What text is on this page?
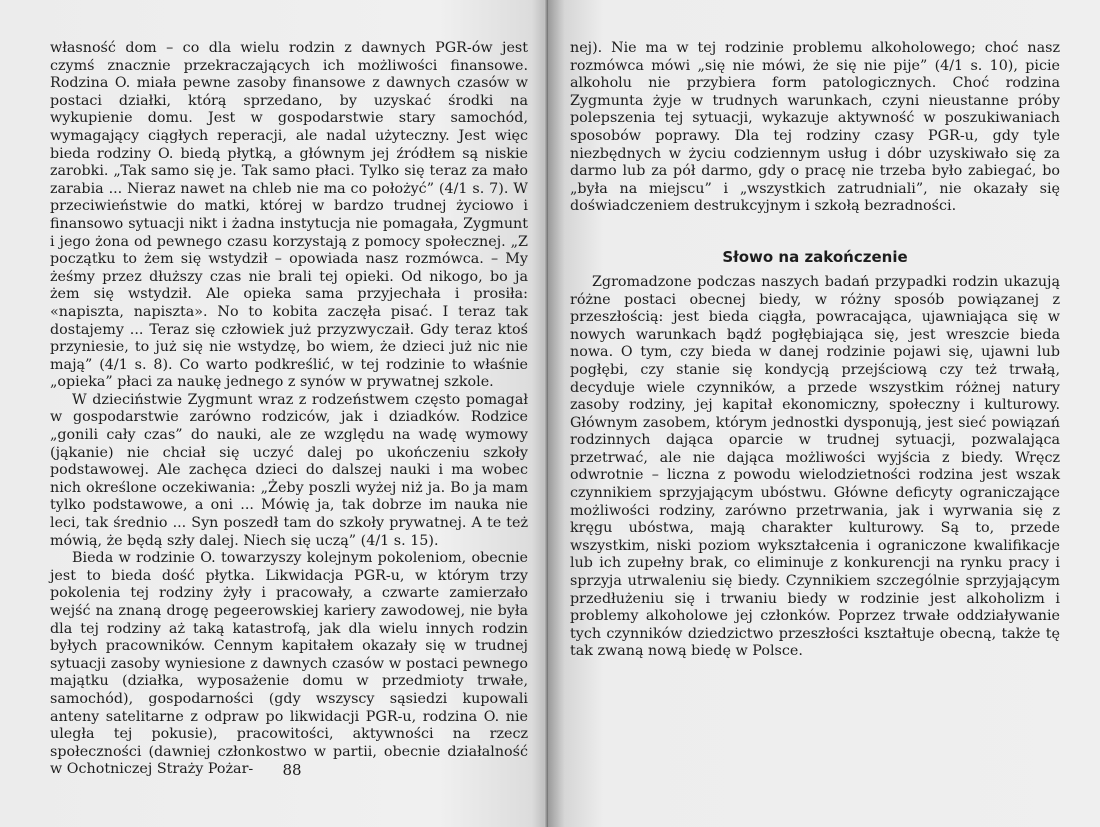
własność dom – co dla wielu rodzin z dawnych PGR-ów jest czymś znacznie przekraczających ich możliwości finansowe. Rodzina O. miała pewne zasoby finansowe z dawnych czasów w postaci działki, którą sprzedano, by uzyskać środki na wykupienie domu. Jest w gospodarstwie stary samochód, wymagający ciągłych reperacji, ale nadal użyteczny. Jest więc bieda rodziny O. biedą płytką, a głównym jej źródłem są niskie zarobki. „Tak samo się je. Tak samo płaci. Tylko się teraz za mało zarabia ... Nieraz nawet na chleb nie ma co położyć” (4/1 s. 7). W przeciwieństwie do matki, której w bardzo trudnej życiowo i finansowo sytuacji nikt i żadna instytucja nie pomagała, Zygmunt i jego żona od pewnego czasu korzystają z pomocy społecznej. „Z początku to żem się wstydził – opowiada nasz rozmówca. – My żeśmy przez dłuższy czas nie brali tej opieki. Od nikogo, bo ja żem się wstydził. Ale opieka sama przyjechała i prosiła: «napiszta, napiszta». No to kobita zaczęła pisać. I teraz tak dostajemy ... Teraz się człowiek już przyzwyczaił. Gdy teraz ktoś przyniesie, to już się nie wstydzę, bo wiem, że dzieci już nic nie mają” (4/1 s. 8). Co warto podkreślić, w tej rodzinie to właśnie „opieka” płaci za naukę jednego z synów w prywatnej szkole.

W dzieciństwie Zygmunt wraz z rodzeństwem często pomagał w gospodarstwie zarówno rodziców, jak i dziadków. Rodzice „gonili cały czas” do nauki, ale ze względu na wadę wymowy (jąkanie) nie chciał się uczyć dalej po ukończeniu szkoły podstawowej. Ale zachęca dzieci do dalszej nauki i ma wobec nich określone oczekiwania: „Żeby poszli wyżej niż ja. Bo ja mam tylko podstawowe, a oni ... Mówię ja, tak dobrze im nauka nie leci, tak średnio ... Syn poszedł tam do szkoły prywatnej. A te też mówią, że będą szły dalej. Niech się uczą” (4/1 s. 15).

Bieda w rodzinie O. towarzyszy kolejnym pokoleniom, obecnie jest to bieda dość płytka. Likwidacja PGR-u, w którym trzy pokolenia tej rodziny żyły i pracowały, a czwarte zamierzało wejść na znaną drogę pegeerowskiej kariery zawodowej, nie była dla tej rodziny aż taką katastrofą, jak dla wielu innych rodzin byłych pracowników. Cennym kapitałem okazały się w trudnej sytuacji zasoby wyniesione z dawnych czasów w postaci pewnego majątku (działka, wyposażenie domu w przedmioty trwałe, samochód), gospodarności (gdy wszyscy sąsiedzi kupowali anteny satelitarne z odpraw po likwidacji PGR-u, rodzina O. nie uległa tej pokusie), pracowitości, aktywności na rzecz społeczności (dawniej członkostwo w partii, obecnie działalność w Ochotniczej Straży Pożar-	88

nej). Nie ma w tej rodzinie problemu alkoholowego; choć nasz rozmówca mówi „się nie mówi, że się nie pije” (4/1 s. 10), picie alkoholu nie przybiera form patologicznych. Choć rodzina Zygmunta żyje w trudnych warunkach, czyni nieustanne próby polepszenia tej sytuacji, wykazuje aktywność w poszukiwaniach sposobów poprawy. Dla tej rodziny czasy PGR-u, gdy tyle niezbędnych w życiu codziennym usług i dóbr uzyskiwało się za darmo lub za pół darmo, gdy o pracę nie trzeba było zabiegać, bo „była na miejscu” i „wszystkich zatrudniali”, nie okazały się doświadczeniem destrukcyjnym i szkołą bezradności.

Słowo na zakończenie

Zgromadzone podczas naszych badań przypadki rodzin ukazują różne postaci obecnej biedy, w różny sposób powiązanej z przeszłością: jest bieda ciągła, powracająca, ujawniająca się w nowych warunkach bądź pogłębiająca się, jest wreszcie bieda nowa. O tym, czy bieda w danej rodzinie pojawi się, ujawni lub pogłębi, czy stanie się kondycją przejściową czy też trwałą, decyduje wiele czynników, a przede wszystkim różnej natury zasoby rodziny, jej kapitał ekonomiczny, społeczny i kulturowy. Głównym zasobem, którym jednostki dysponują, jest sieć powiązań rodzinnych dająca oparcie w trudnej sytuacji, pozwalająca przetrwać, ale nie dająca możliwości wyjścia z biedy. Wręcz odwrotnie – liczna z powodu wielodzietności rodzina jest wszak czynnikiem sprzyjającym ubóstwu. Główne deficyty ograniczające możliwości rodziny, zarówno przetrwania, jak i wyrwania się z kręgu ubóstwa, mają charakter kulturowy. Są to, przede wszystkim, niski poziom wykształcenia i ograniczone kwalifikacje lub ich zupełny brak, co eliminuje z konkurencji na rynku pracy i sprzyja utrwaleniu się biedy. Czynnikiem szczególnie sprzyjającym przedłużeniu się i trwaniu biedy w rodzinie jest alkoholizm i problemy alkoholowe jej członków. Poprzez trwałe oddziaływanie tych czynników dziedzictwo przeszłości kształtuje obecną, także tę tak zwaną nową biedę w Polsce.
